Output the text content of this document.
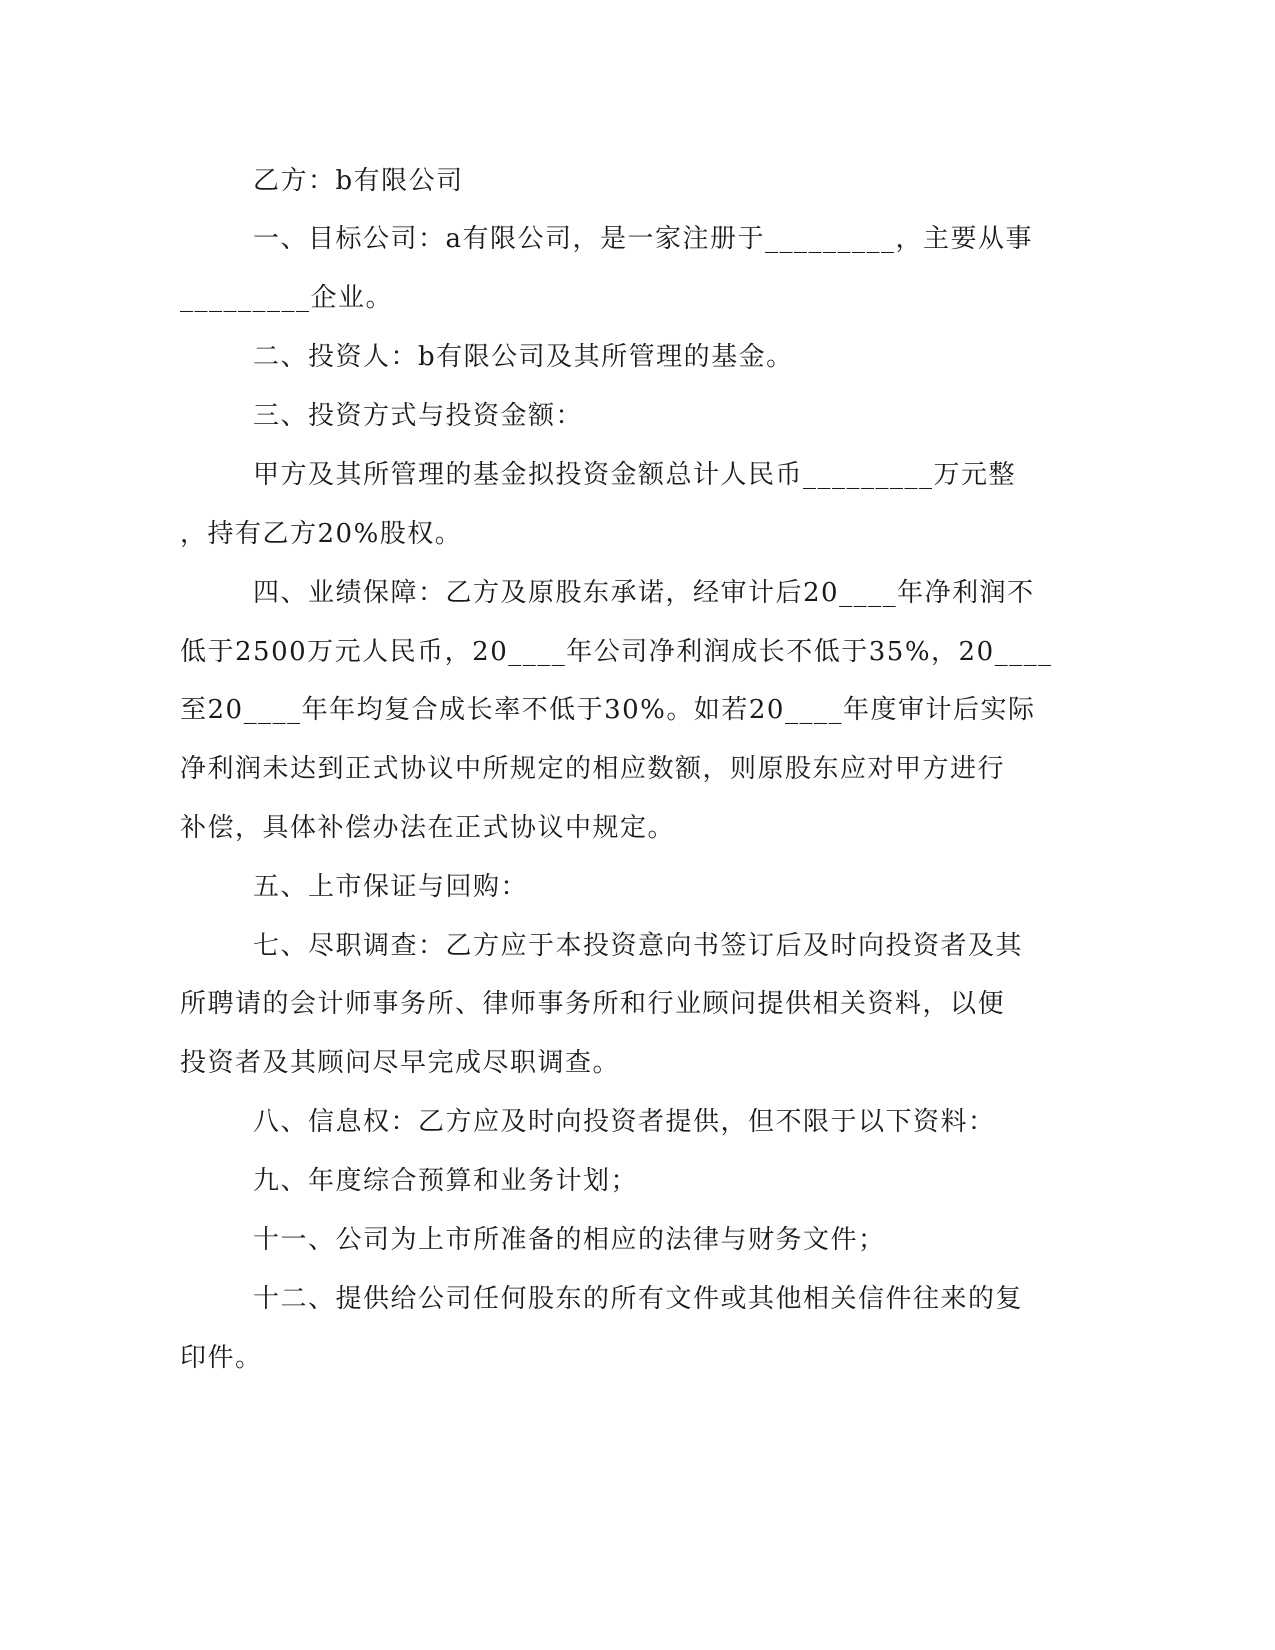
乙方：b有限公司
一、目标公司：a有限公司，是一家注册于_________，主要从事
_________企业。
二、投资人：b有限公司及其所管理的基金。
三、投资方式与投资金额：
甲方及其所管理的基金拟投资金额总计人民币_________万元整
，持有乙方20%股权。
四、业绩保障：乙方及原股东承诺，经审计后20____年净利润不
低于2500万元人民币，20____年公司净利润成长不低于35%，20____
至20____年年均复合成长率不低于30%。如若20____年度审计后实际
净利润未达到正式协议中所规定的相应数额，则原股东应对甲方进行
补偿，具体补偿办法在正式协议中规定。
五、上市保证与回购：
七、尽职调查：乙方应于本投资意向书签订后及时向投资者及其
所聘请的会计师事务所、律师事务所和行业顾问提供相关资料，以便
投资者及其顾问尽早完成尽职调查。
八、信息权：乙方应及时向投资者提供，但不限于以下资料：
九、年度综合预算和业务计划；
十一、公司为上市所准备的相应的法律与财务文件；
十二、提供给公司任何股东的所有文件或其他相关信件往来的复
印件。
